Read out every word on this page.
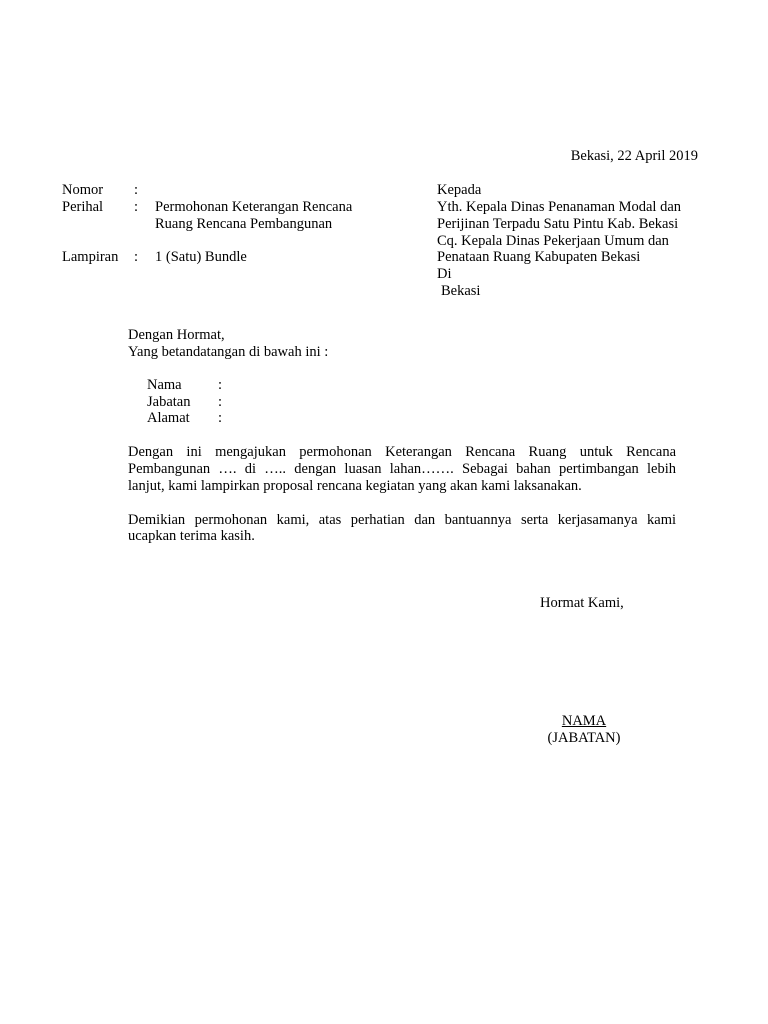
Bekasi, 22 April 2019
Nomor :
Perihal : Permohonan Keterangan Rencana
Ruang Rencana Pembangunan
Lampiran : 1 (Satu) Bundle
Kepada
Yth. Kepala Dinas Penanaman Modal dan
Perijinan Terpadu Satu Pintu Kab. Bekasi
Cq. Kepala Dinas Pekerjaan Umum dan
Penataan Ruang Kabupaten Bekasi
Di
Bekasi
Dengan Hormat,
Yang betandatangan di bawah ini :
Nama	:
Jabatan :
Alamat :
Dengan ini mengajukan permohonan Keterangan Rencana Ruang untuk Rencana
Pembangunan …. di ….. dengan luasan lahan……. Sebagai bahan pertimbangan lebih
lanjut, kami lampirkan proposal rencana kegiatan yang akan kami laksanakan.
Demikian permohonan kami, atas perhatian dan bantuannya serta kerjasamanya kami
ucapkan terima kasih.
Hormat Kami,
NAMA
(JABATAN)
